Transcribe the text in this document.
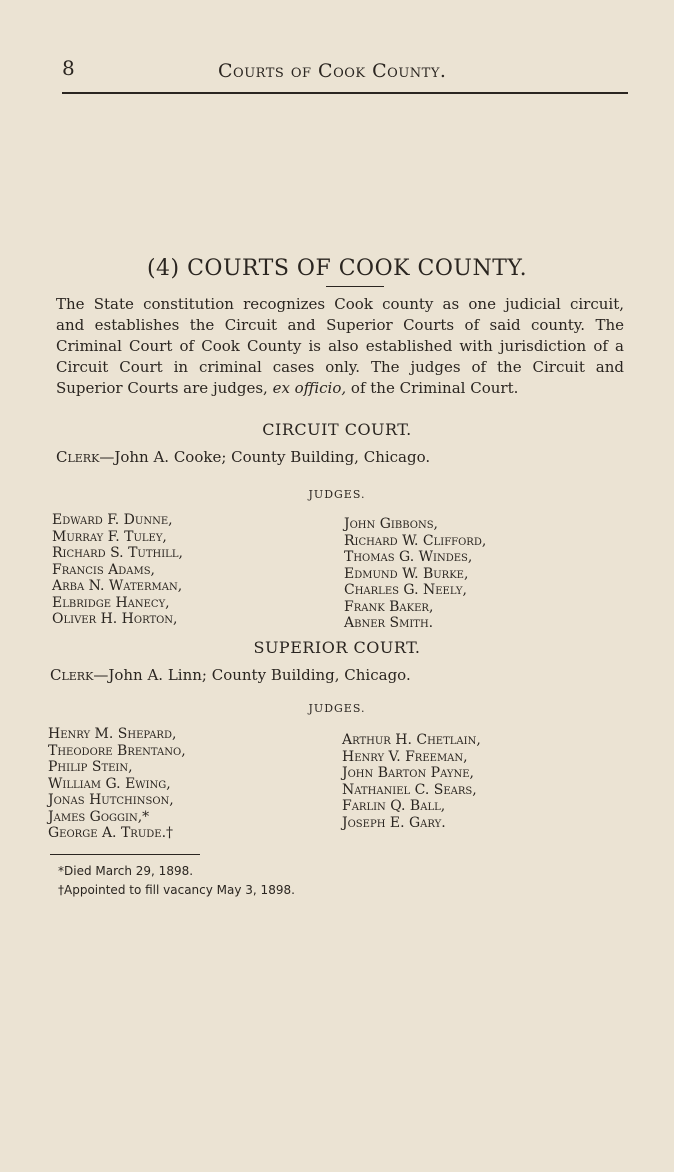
8	Courts of Cook County.
(4) COURTS OF COOK COUNTY.
The State constitution recognizes Cook county as one judicial circuit,
and establishes the Circuit and Superior Courts of said county. The
Criminal Court of Cook County is also established with jurisdiction of a
Circuit Court in criminal cases only. The judges of the Circuit and
Superior Courts are judges, ex officio, of the Criminal Court.
CIRCUIT COURT.
Clerk—John A. Cooke; County Building, Chicago.
JUDGES.
Edward F. Dunne,
Murray F. Tuley,
Richard S. Tuthill,
Francis Adams,
Arba N. Waterman,
Elbridge Hanecy,
Oliver H. Horton,
John Gibbons,
Richard W. Clifford,
Thomas G. Windes,
Edmund W. Burke,
Charles G. Neely,
Frank Baker,
Abner Smith.
SUPERIOR COURT.
Clerk—John A. Linn; County Building, Chicago.
JUDGES.
Henry M. Shepard,
Theodore Brentano,
Philip Stein,
William G. Ewing,
Jonas Hutchinson,
James Goggin,*
George A. Trude.†
Arthur H. Chetlain,
Henry V. Freeman,
John Barton Payne,
Nathaniel C. Sears,
Farlin Q. Ball,
Joseph E. Gary.
*Died March 29, 1898.
†Appointed to fill vacancy May 3, 1898.
